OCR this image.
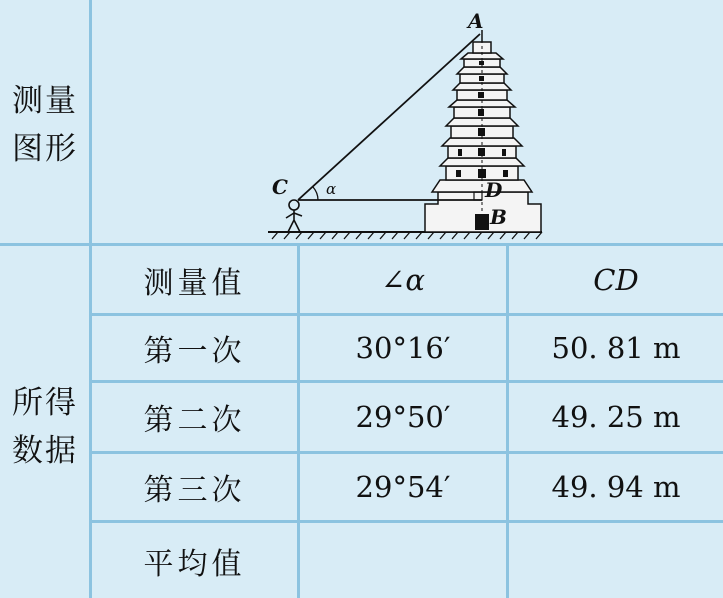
测量
图形
所得
数据
A
C	D
B
α
测量值	∠α	CD
第一次	30°16′	50. 81 m
第二次	29°50′	49. 25 m
第三次	29°54′	49. 94 m
平均值
